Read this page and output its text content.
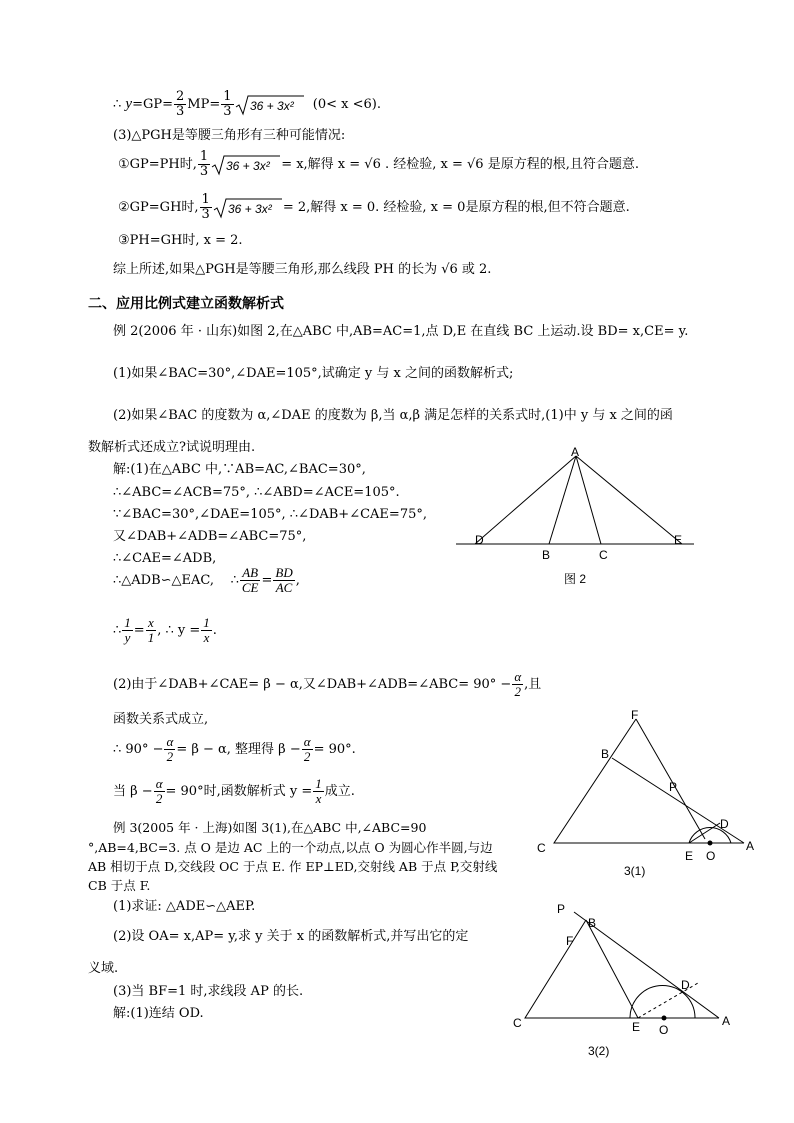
∴ $y=GP= \frac{2}{3} MP= \frac{1}{3} 36 + 3x^2$ (0< x <6).
(3)△PGH是等腰三角形有三种可能情况:
①GP=PH时, $\frac{1}{3} 36 + 3x^2 = x$,解得 x = √6 . 经检验, x = √6 是原方程的根,且符合题意.
②GP=GH时, $\frac{1}{3} 36 + 3x^2 = 2$,解得 x = 0. 经检验, x = 0是原方程的根,但不符合题意.
③PH=GH时, x = 2.
综上所述,如果△PGH是等腰三角形,那么线段 PH 的长为 √6 或 2.
二、应用比例式建立函数解析式
例 2(2006 年 · 山东)如图 2,在△ABC 中,AB=AC=1,点 D,E 在直线 BC 上运动.设 BD= x,CE= y.
(1)如果∠BAC=30°,∠DAE=105°,试确定 y 与 x 之间的函数解析式;
(2)如果∠BAC 的度数为 α,∠DAE 的度数为 β,当 α,β 满足怎样的关系式时,(1)中 y 与 x 之间的函
数解析式还成立?试说明理由.
解:(1)在△ABC 中,∵AB=AC,∠BAC=30°,
∴∠ABC=∠ACB=75°, ∴∠ABD=∠ACE=105°.
∵∠BAC=30°,∠DAE=105°, ∴∠DAB+∠CAE=75°,
又∠DAB+∠ADB=∠ABC=75°,
∴∠CAE=∠ADB,
∴△ADB∽△EAC, ∴ $\frac{AB}{CE} = \frac{BD}{AC}$ ,
∴ $\frac{1}{y} = \frac{x}{1}$ , ∴ $y = \frac{1}{x}$ .
(2)由于∠DAB+∠CAE= β − α,又∠DAB+∠ADB=∠ABC= $90^\circ - \frac{\alpha}{2}$ ,且
函数关系式成立,
∴ $90^\circ - \frac{\alpha}{2} = \beta - \alpha$, 整理得 $\beta - \frac{\alpha}{2} = 90^\circ$.
当 $\beta - \frac{\alpha}{2} = 90^\circ$时,函数解析式 $y = \frac{1}{x}$ 成立.
例 3(2005 年 · 上海)如图 3(1),在△ABC 中,∠ABC=90
°,AB=4,BC=3. 点 O 是边 AC 上的一个动点,以点 O 为圆心作半圆,与边
AB 相切于点 D,交线段 OC 于点 E. 作 EP⊥ED,交射线 AB 于点 P,交射线
CB 于点 F.
(1)求证: △ADE∽△AEP.
(2)设 OA= x,AP= y,求 y 关于 x 的函数解析式,并写出它的定
义域.
(3)当 BF=1 时,求线段 AP 的长.
解:(1)连结 OD.
A
B	C
D	E
图 2
F
B
P
D
C
E O
A
3(1)
P
B
F
D
C	E O
A
3(2)
